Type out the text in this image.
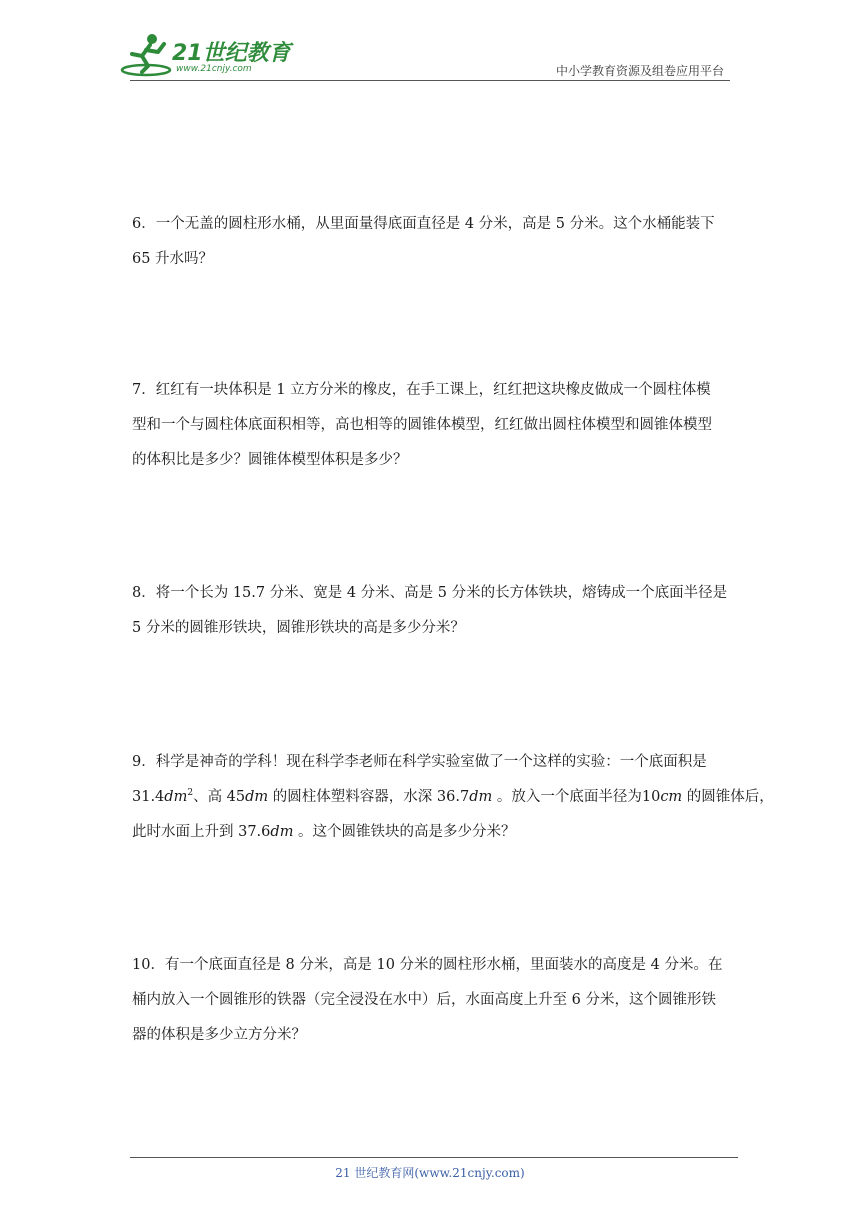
21世纪教育
www.21cnjy.com	中小学教育资源及组卷应用平台
6．一个无盖的圆柱形水桶，从里面量得底面直径是 4 分米，高是 5 分米。这个水桶能装下
65 升水吗？
7．红红有一块体积是 1 立方分米的橡皮，在手工课上，红红把这块橡皮做成一个圆柱体模
型和一个与圆柱体底面积相等，高也相等的圆锥体模型，红红做出圆柱体模型和圆锥体模型
的体积比是多少？圆锥体模型体积是多少？
8．将一个长为 15.7 分米、宽是 4 分米、高是 5 分米的长方体铁块，熔铸成一个底面半径是
5 分米的圆锥形铁块，圆锥形铁块的高是多少分米？
9．科学是神奇的学科！现在科学李老师在科学实验室做了一个这样的实验：一个底面积是
$31.4dm^2$、高 45dm 的圆柱体塑料容器，水深 36.7dm 。放入一个底面半径为10cm 的圆锥体后，
此时水面上升到 37.6dm 。这个圆锥铁块的高是多少分米？
10．有一个底面直径是 8 分米，高是 10 分米的圆柱形水桶，里面装水的高度是 4 分米。在
桶内放入一个圆锥形的铁器（完全浸没在水中）后，水面高度上升至 6 分米，这个圆锥形铁
器的体积是多少立方分米？
21 世纪教育网(www.21cnjy.com)
